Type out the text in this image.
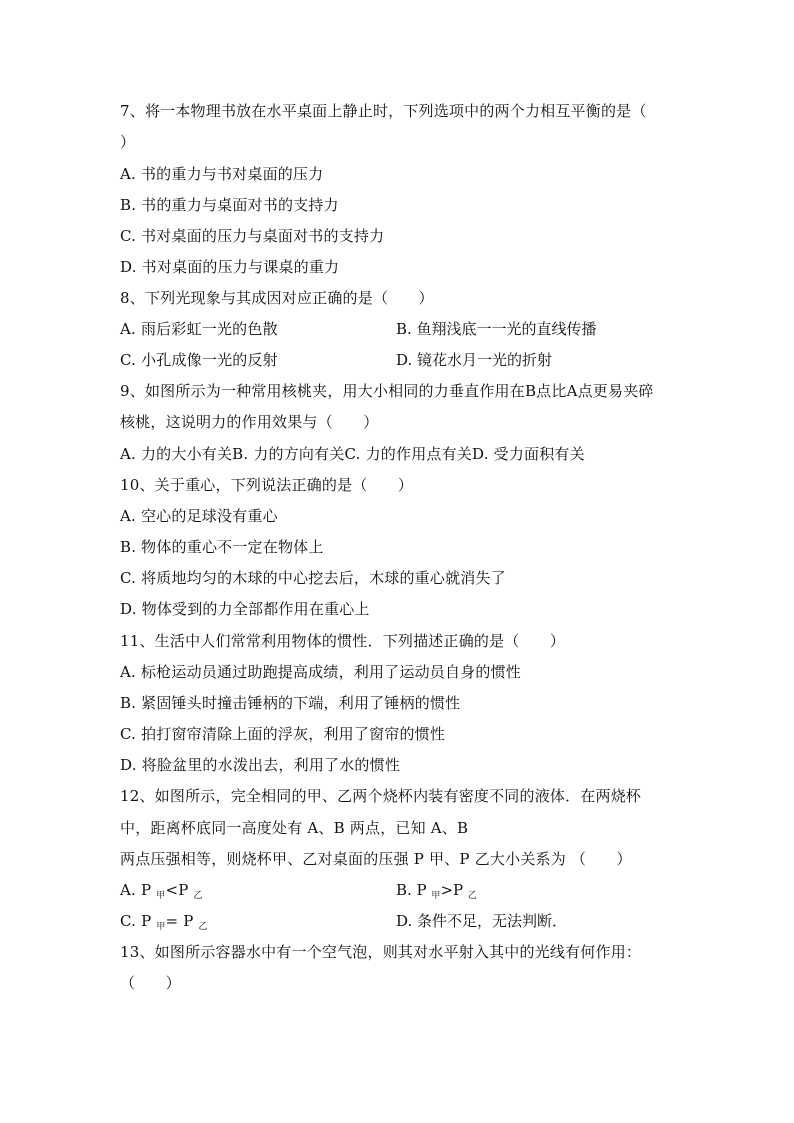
7、将一本物理书放在水平桌面上静止时，下列选项中的两个力相互平衡的是（
）
A. 书的重力与书对桌面的压力
B. 书的重力与桌面对书的支持力
C. 书对桌面的压力与桌面对书的支持力
D. 书对桌面的压力与课桌的重力
8、下列光现象与其成因对应正确的是（　　）
A. 雨后彩虹一光的色散	B. 鱼翔浅底一一光的直线传播
C. 小孔成像一光的反射	D. 镜花水月一光的折射
9、如图所示为一种常用核桃夹，用大小相同的力垂直作用在B点比A点更易夹碎
核桃，这说明力的作用效果与（　　）
A. 力的大小有关B. 力的方向有关C. 力的作用点有关D. 受力面积有关
10、关于重心，下列说法正确的是（　　）
A. 空心的足球没有重心
B. 物体的重心不一定在物体上
C. 将质地均匀的木球的中心挖去后，木球的重心就消失了
D. 物体受到的力全部都作用在重心上
11、生活中人们常常利用物体的惯性．下列描述正确的是（　　）
A. 标枪运动员通过助跑提高成绩，利用了运动员自身的惯性
B. 紧固锤头时撞击锤柄的下端，利用了锤柄的惯性
C. 拍打窗帘清除上面的浮灰，利用了窗帘的惯性
D. 将脸盆里的水泼出去，利用了水的惯性
12、如图所示，完全相同的甲、乙两个烧杯内装有密度不同的液体．在两烧杯
中，距离杯底同一高度处有 A、B 两点，已知 A、B
两点压强相等，则烧杯甲、乙对桌面的压强 P 甲、P 乙大小关系为 （　　）
A. P $_甲$<P $_乙$	B. P $_甲$>P $_乙$
C. P $_甲$= P $_乙$	D. 条件不足，无法判断．
13、如图所示容器水中有一个空气泡，则其对水平射入其中的光线有何作用：
（　　）
